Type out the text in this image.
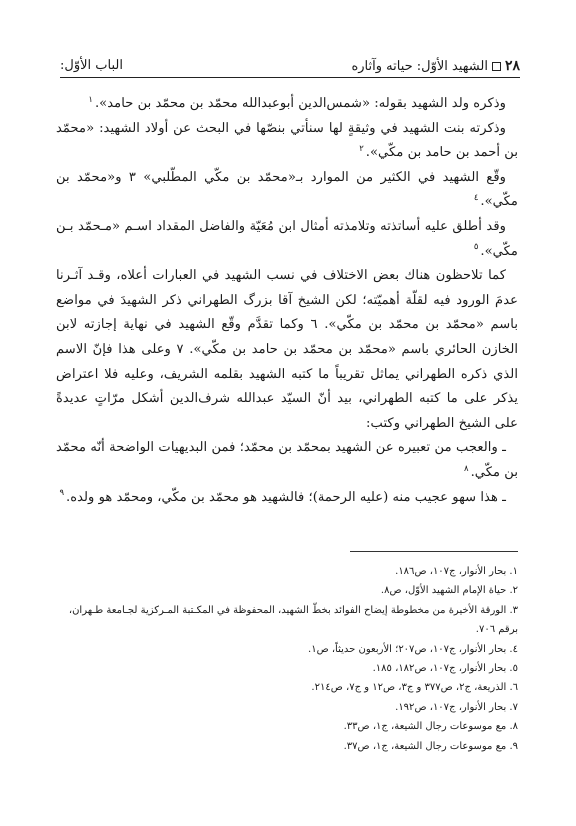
٢٨الشهيد الأوّل: حياته وآثاره
الباب الأوّل:

وذكره ولد الشهيد بقوله: «شمس‌الدين أبوعبدالله محمّد بن محمّد بن حامد».$^١$

وذكرته بنت الشهيد في وثيقةٍ لها سنأتي بنصّها في البحث عن أولاد الشهيد: «محمّد بن أحمد بن حامد بن مكّي».$^٢$

وقّع الشهيد في الكثير من الموارد بـ«محمّد بن مكّي المطّلبي» ٣ و«محمّد بن مكّي».$^٤$

وقد أطلق عليه أساتذته وتلامذته أمثال ابن مُعَيّة والفاضل المقداد اسـم «مـحمّد بـن مكّي».$^٥$

كما تلاحظون هناك بعض الاختلاف في نسب الشهيد في العبارات أعلاه، وقـد آثـرنا عدمَ الورود فيه لقلّة أهميّته؛ لكن الشيخ آقا بزرگ الطهراني ذكر الشهيدَ في مواضع باسم «محمّد بن محمّد بن مكّي». ٦ وكما تقدَّم وقّع الشهيد في نهاية إجازته لابن الخازن الحائري باسم «محمّد بن محمّد بن حامد بن مكّي». ٧ وعلى هذا فإنّ الاسم الذي ذكره الطهراني يماثل تقريباً ما كتبه الشهيد بقلمه الشريف، وعليه فلا اعتراض يذكر على ما كتبه الطهراني، بيد أنّ السيّد عبدالله شرف‌الدين أشكل مرّاتٍ عديدةً على الشيخ الطهراني وكتب:

ـ والعجب من تعبيره عن الشهيد بمحمّد بن محمّد؛ فمن البديهيات الواضحة أنّه محمّد بن مكّي.$^٨$

ـ هذا سهو عجيب منه (عليه الرحمة)؛ فالشهيد هو محمّد بن مكّي، ومحمّد هو ولده.$^٩$

١. بحار الأنوار، ج١٠٧، ص١٨٦.
٢. حياة الإمام الشهيد الأوّل، ص٨.
٣. الورقة الأخيرة من مخطوطة إيضاح الفوائد بخطّ الشهيد، المحفوظة في المكـتبة المـركزية لجـامعة طـهران، برقم ٧٠٦.
٤. بحار الأنوار، ج١٠٧، ص٢٠٧؛ الأربعون حديثاً، ص١.
٥. بحار الأنوار، ج١٠٧، ص١٨٢، ١٨٥.
٦. الذريعة، ج٢، ص٣٧٧ و ج٣، ص١٢ و ج٧، ص٢١٤.
٧. بحار الأنوار، ج١٠٧، ص١٩٢.
٨. مع موسوعات رجال الشيعة، ج١، ص٣٣.
٩. مع موسوعات رجال الشيعة، ج١، ص٣٧.
